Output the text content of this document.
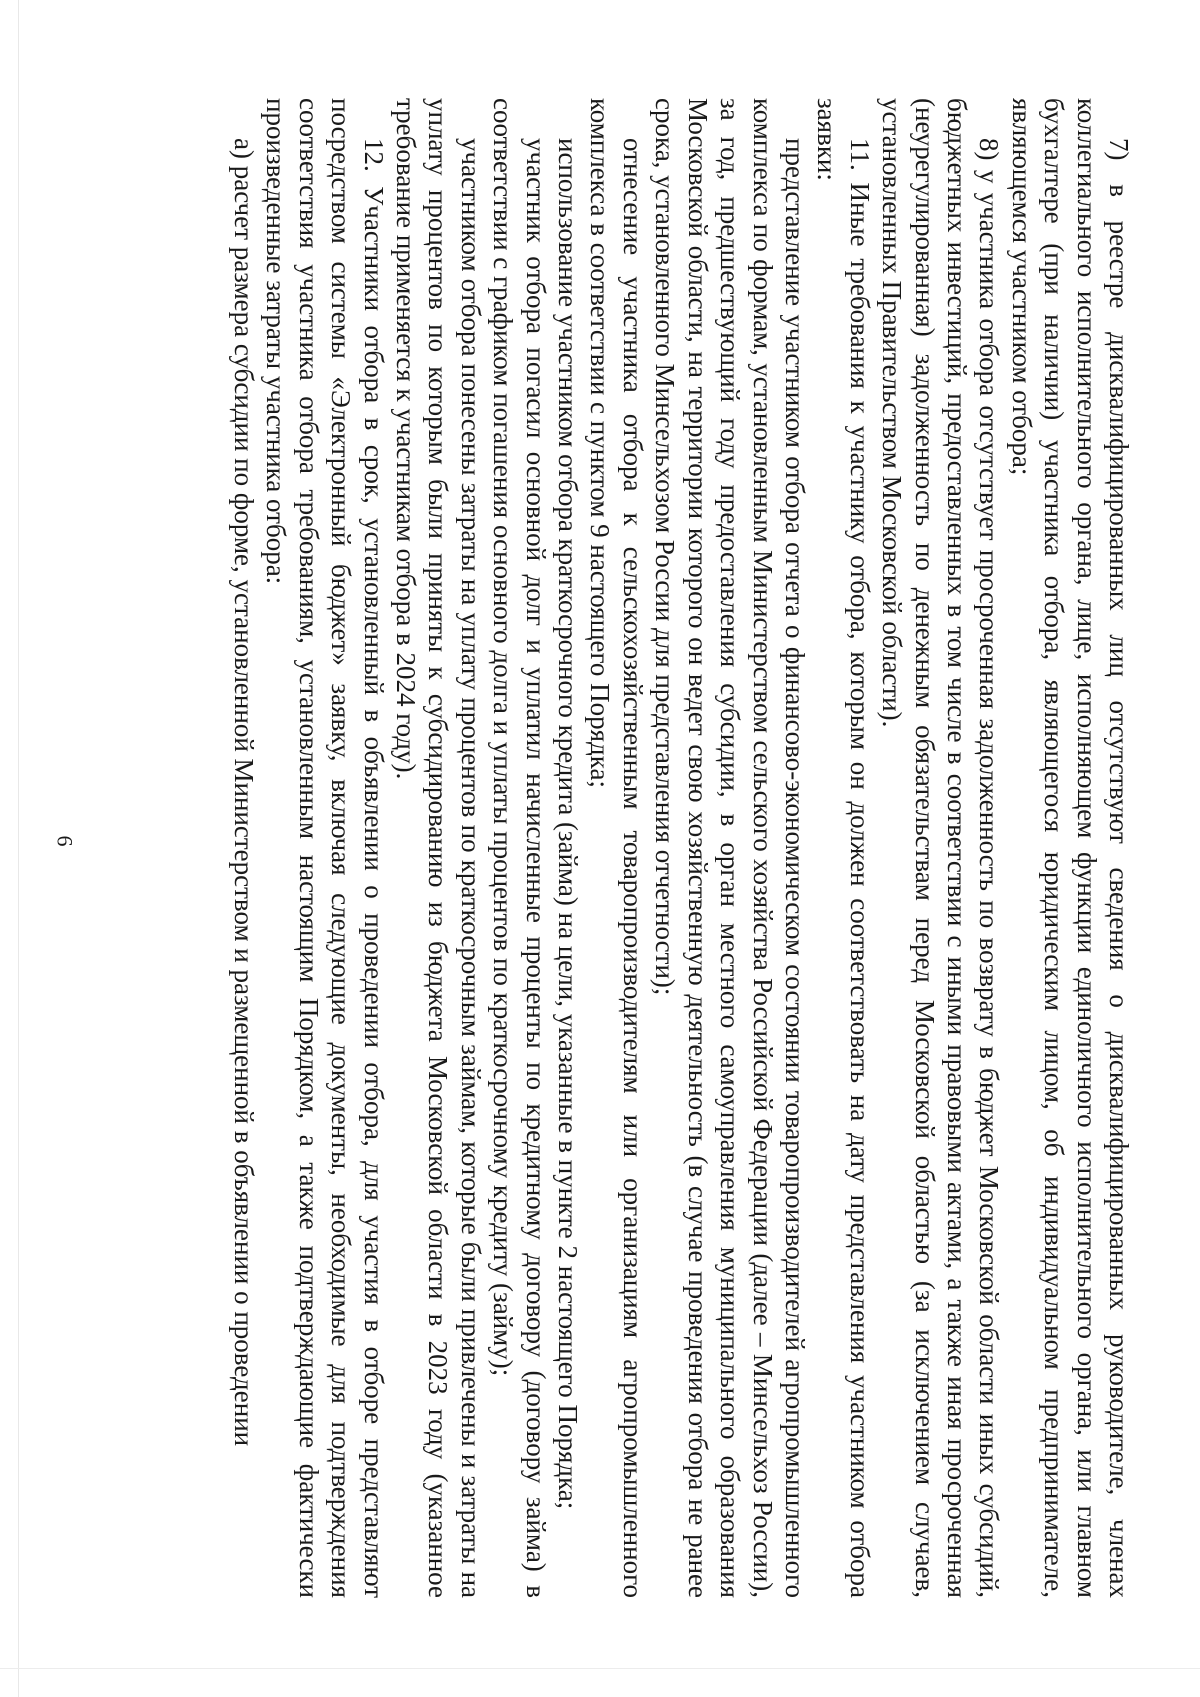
6	7) в реестре дисквалифицированных лиц отсутствуют сведения о дисквалифицированных руководителе, членах коллегиального исполнительного органа, лице, исполняющем функции единоличного исполнительного органа, или главном бухгалтере (при наличии) участника отбора, являющегося юридическим лицом, об индивидуальном предпринимателе, являющемся участником отбора;

8) у участника отбора отсутствует просроченная задолженность по возврату в бюджет Московской области иных субсидий, бюджетных инвестиций, предоставленных в том числе в соответствии с иными правовыми актами, а также иная просроченная (неурегулированная) задолженность по денежным обязательствам перед Московской областью (за исключением случаев, установленных Правительством Московской области).

11. Иные требования к участнику отбора, которым он должен соответствовать на дату представления участником отбора заявки:

представление участником отбора отчета о финансово-экономическом состоянии товаропроизводителей агропромышленного комплекса по формам, установленным Министерством сельского хозяйства Российской Федерации (далее – Минсельхоз России), за год, предшествующий году предоставления субсидии, в орган местного самоуправления муниципального образования Московской области, на территории которого он ведет свою хозяйственную деятельность (в случае проведения отбора не ранее срока, установленного Минсельхозом России для представления отчетности);

отнесение участника отбора к сельскохозяйственным товаропроизводителям или организациям агропромышленного комплекса в соответствии с пунктом 9 настоящего Порядка;

использование участником отбора краткосрочного кредита (займа) на цели, указанные в пункте 2 настоящего Порядка;

участник отбора погасил основной долг и уплатил начисленные проценты по кредитному договору (договору займа) в соответствии с графиком погашения основного долга и уплаты процентов по краткосрочному кредиту (займу);

участником отбора понесены затраты на уплату процентов по краткосрочным займам, которые были привлечены и затраты на уплату процентов по которым были приняты к субсидированию из бюджета Московской области в 2023 году (указанное требование применяется к участникам отбора в 2024 году).

12. Участники отбора в срок, установленный в объявлении о проведении отбора, для участия в отборе представляют посредством системы «Электронный бюджет» заявку, включая следующие документы, необходимые для подтверждения соответствия участника отбора требованиям, установленным настоящим Порядком, а также подтверждающие фактически произведенные затраты участника отбора:

а) расчет размера субсидии по форме, установленной Министерством и размещенной в объявлении о проведении
